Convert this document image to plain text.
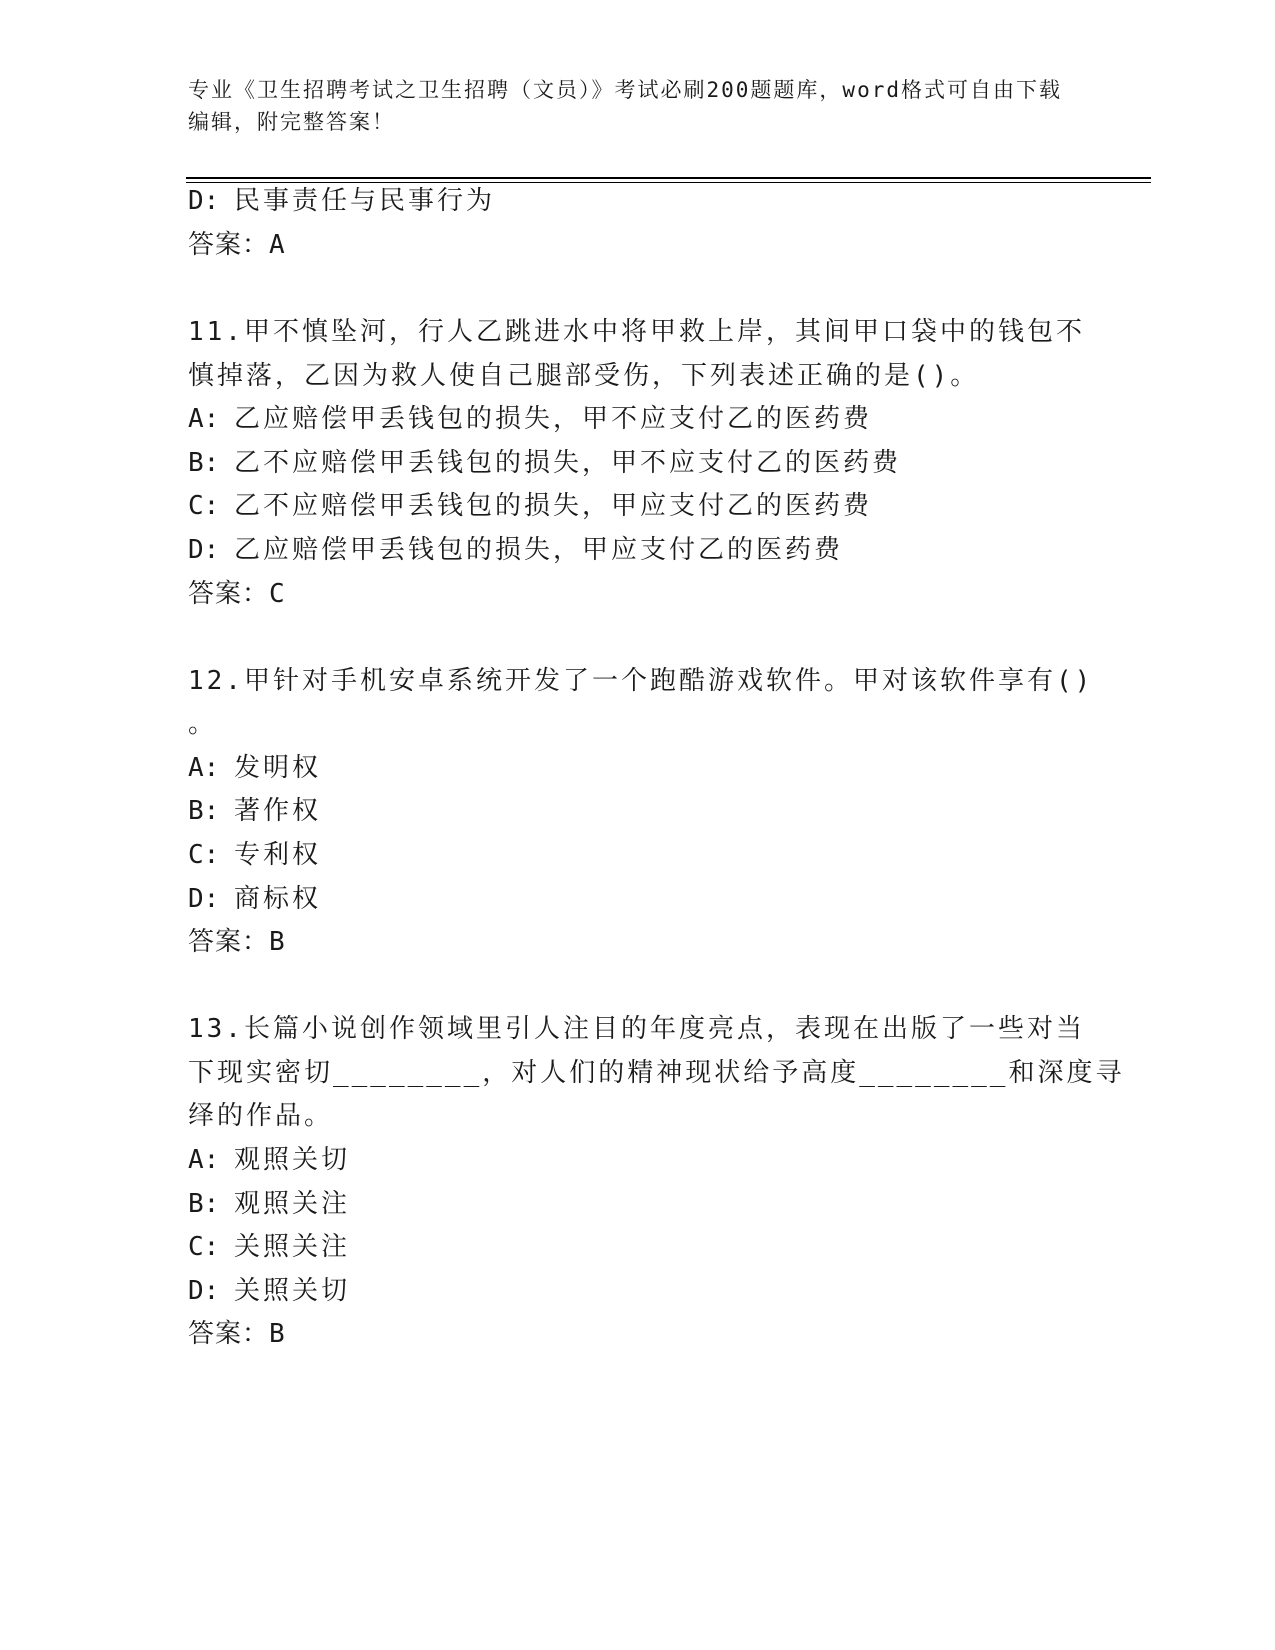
专业《卫生招聘考试之卫生招聘（文员）》考试必刷200题题库，word格式可自由下载编辑，附完整答案！
D: 民事责任与民事行为
答案：A
11.甲不慎坠河，行人乙跳进水中将甲救上岸，其间甲口袋中的钱包不
慎掉落，乙因为救人使自己腿部受伤，下列表述正确的是()。
A: 乙应赔偿甲丢钱包的损失，甲不应支付乙的医药费
B: 乙不应赔偿甲丢钱包的损失，甲不应支付乙的医药费
C: 乙不应赔偿甲丢钱包的损失，甲应支付乙的医药费
D: 乙应赔偿甲丢钱包的损失，甲应支付乙的医药费
答案：C
12.甲针对手机安卓系统开发了一个跑酷游戏软件。甲对该软件享有()
。
A: 发明权
B: 著作权
C: 专利权
D: 商标权
答案：B
13.长篇小说创作领域里引人注目的年度亮点，表现在出版了一些对当
下现实密切________，对人们的精神现状给予高度________和深度寻
绎的作品。
A: 观照关切
B: 观照关注
C: 关照关注
D: 关照关切
答案：B
